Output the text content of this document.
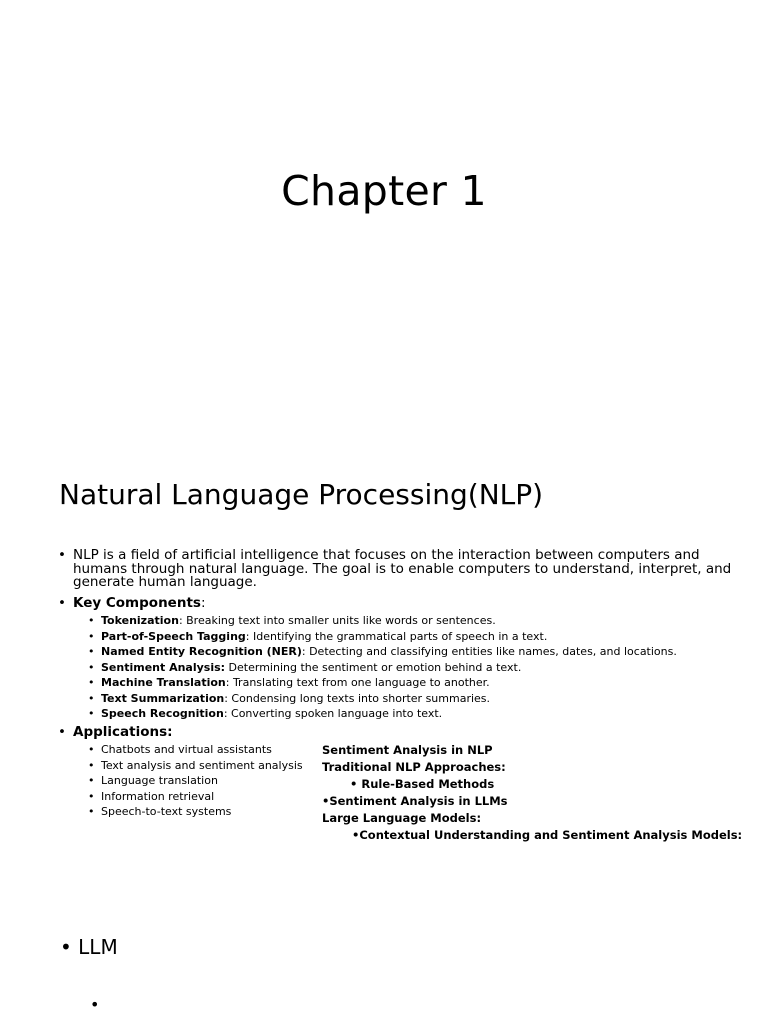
Chapter 1
Natural Language Processing(NLP)
• NLP is a field of artificial intelligence that focuses on the interaction between computers and humans through natural language. The goal is to enable computers to understand, interpret, and generate human language.
• Key Components:
• Tokenization: Breaking text into smaller units like words or sentences.
• Part-of-Speech Tagging: Identifying the grammatical parts of speech in a text.
• Named Entity Recognition (NER): Detecting and classifying entities like names, dates, and locations.
• Sentiment Analysis: Determining the sentiment or emotion behind a text.
• Machine Translation: Translating text from one language to another.
• Text Summarization: Condensing long texts into shorter summaries.
• Speech Recognition: Converting spoken language into text.
• Applications:
• Chatbots and virtual assistants
• Text analysis and sentiment analysis
• Language translation
• Information retrieval
• Speech-to-text systems
Sentiment Analysis in NLP
Traditional NLP Approaches:
• Rule-Based Methods
•Sentiment Analysis in LLMs
Large Language Models:
•Contextual Understanding and Sentiment Analysis Models:
• LLM
•
